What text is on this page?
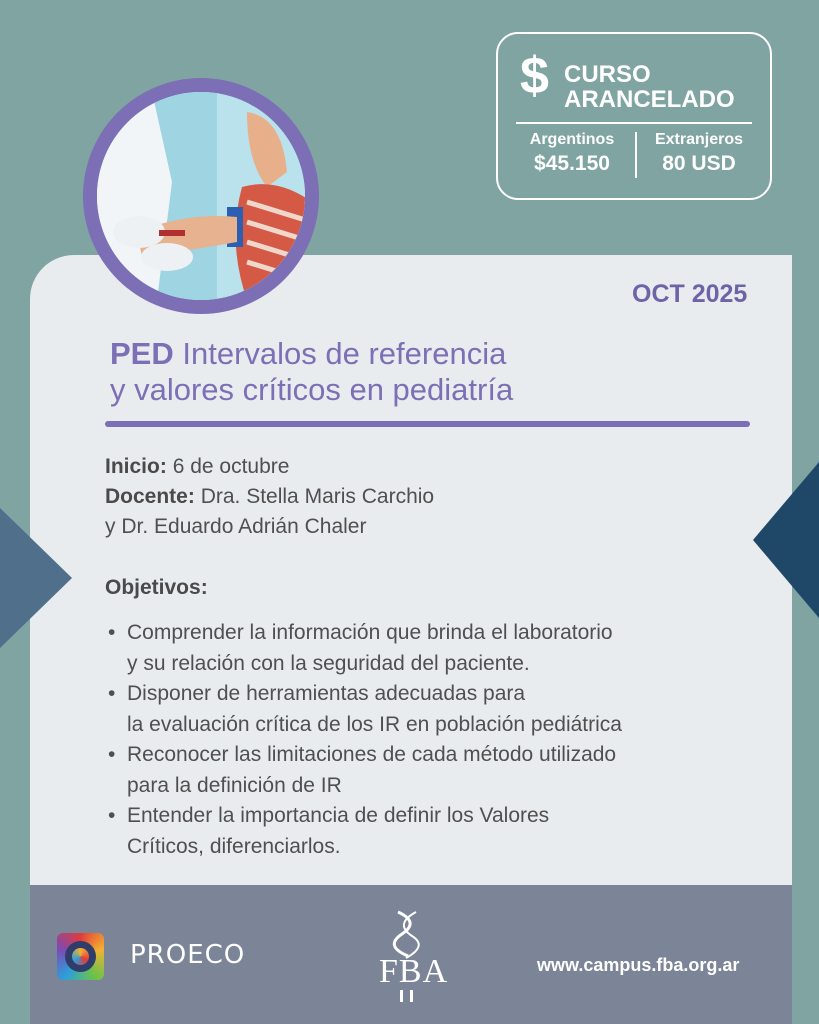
$ CURSO
ARANCELADO
Argentinos
$45.150
Extranjeros
80 USD
OCT 2025
PED Intervalos de referencia
y valores críticos en pediatría
Inicio: 6 de octubre
Docente: Dra. Stella Maris Carchio
y Dr. Eduardo Adrián Chaler
Objetivos:
• Comprender la información que brinda el laboratorio
y su relación con la seguridad del paciente.
• Disponer de herramientas adecuadas para
la evaluación crítica de los IR en población pediátrica
• Reconocer las limitaciones de cada método utilizado
para la definición de IR
• Entender la importancia de definir los Valores
Críticos, diferenciarlos.
PROECO	FBA	www.campus.fba.org.ar
